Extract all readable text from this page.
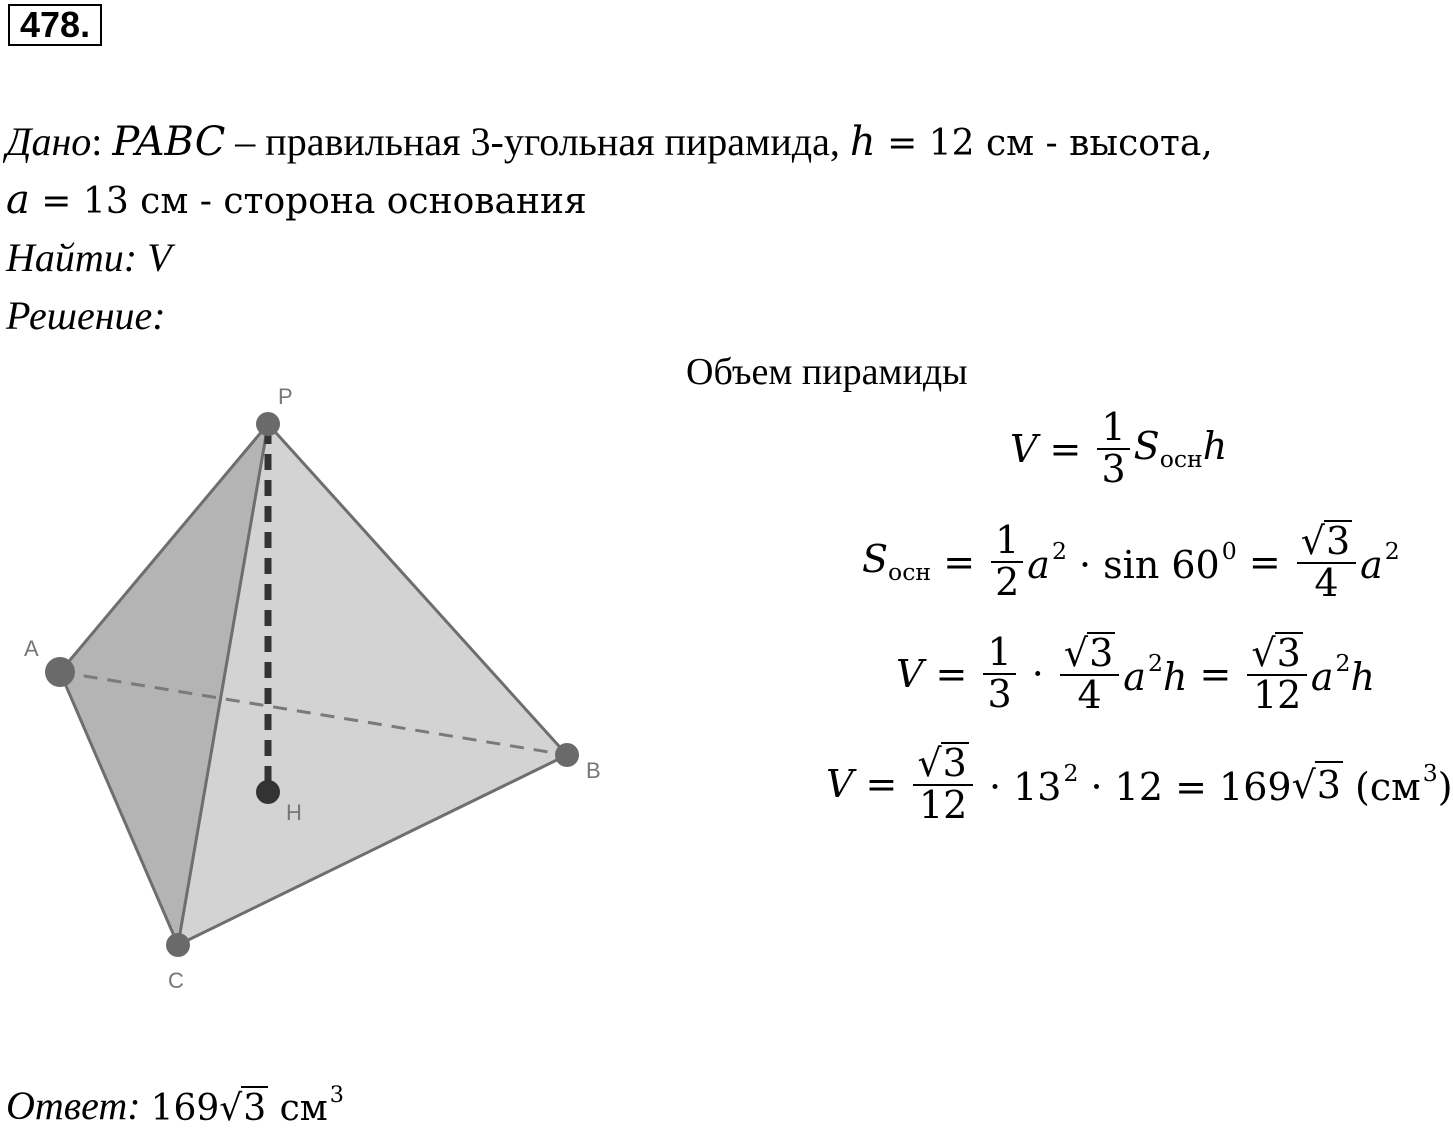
478.
Дано: PABC – правильная 3-угольная пирамида, h = 12 см - высота,
a = 13 см - сторона основания
Найти: V
Решение:
P
A
B
C
H
Объем пирамиды
$V = \frac{1}{3} S_{осн}h$
$S_{осн} = \frac{1}{2} a^2 \cdot \sin 60^0 = \frac{√ 3}{4} a^2$
$V = \frac{1}{3} \cdot \frac{√ 3}{4} a^2h = \frac{√ 3}{12} a^2h$
$V = \frac{√ 3}{12} \cdot 13^2 \cdot 12 = 169$ √ 3 $(см^3)$
Ответ : 169 √ 3 $см^3$
